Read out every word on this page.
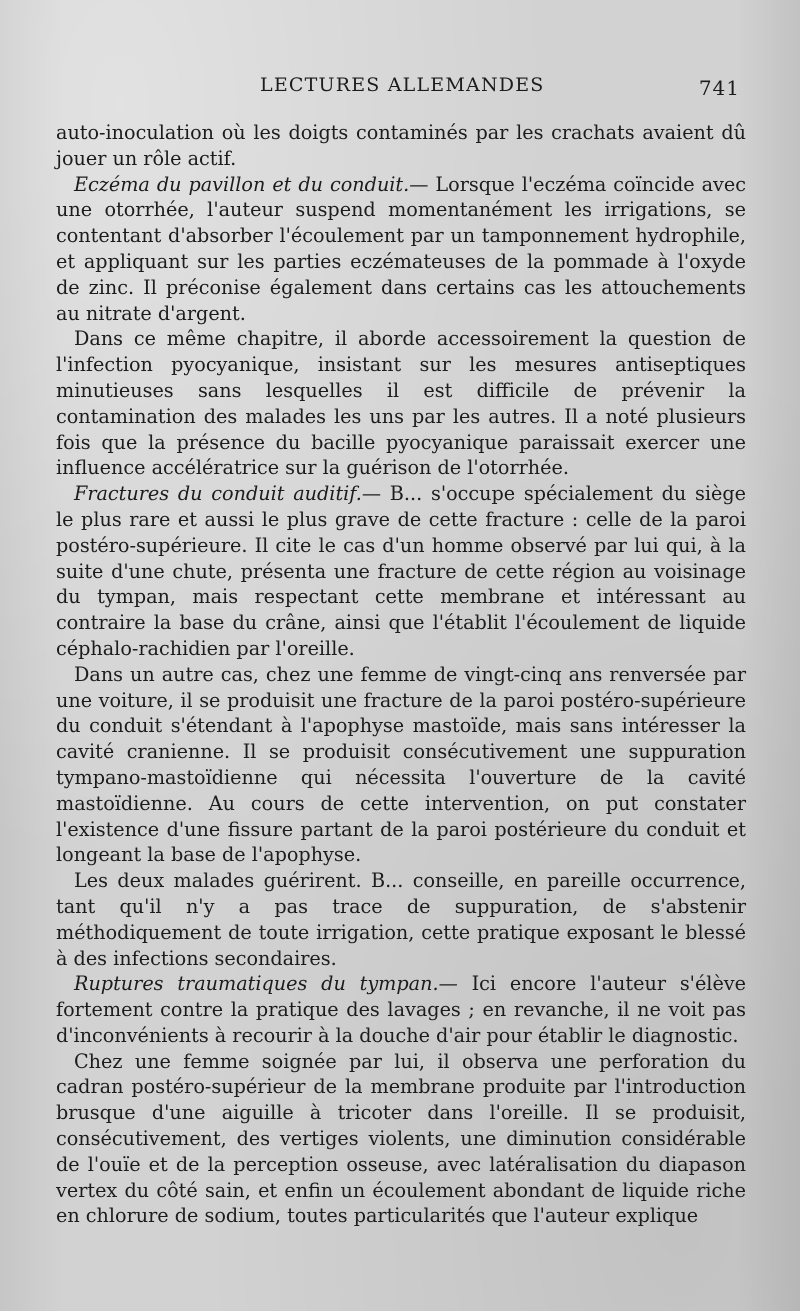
LECTURES ALLEMANDES	741

auto-inoculation où les doigts contaminés par les crachats avaient dû jouer un rôle actif.

Eczéma du pavillon et du conduit.— Lorsque l'eczéma coïncide avec une otorrhée, l'auteur suspend momentanément les irrigations, se contentant d'absorber l'écoulement par un tamponnement hydrophile, et appliquant sur les parties eczémateuses de la pommade à l'oxyde de zinc. Il préconise également dans certains cas les attouchements au nitrate d'argent.

Dans ce même chapitre, il aborde accessoirement la question de l'infection pyocyanique, insistant sur les mesures antiseptiques minutieuses sans lesquelles il est difficile de prévenir la contamination des malades les uns par les autres. Il a noté plusieurs fois que la présence du bacille pyocyanique paraissait exercer une influence accélératrice sur la guérison de l'otorrhée.

Fractures du conduit auditif.— B... s'occupe spécialement du siège le plus rare et aussi le plus grave de cette fracture : celle de la paroi postéro-supérieure. Il cite le cas d'un homme observé par lui qui, à la suite d'une chute, présenta une fracture de cette région au voisinage du tympan, mais respectant cette membrane et intéressant au contraire la base du crâne, ainsi que l'établit l'écoulement de liquide céphalo-rachidien par l'oreille.

Dans un autre cas, chez une femme de vingt-cinq ans renversée par une voiture, il se produisit une fracture de la paroi postéro-supérieure du conduit s'étendant à l'apophyse mastoïde, mais sans intéresser la cavité cranienne. Il se produisit consécutivement une suppuration tympano-mastoïdienne qui nécessita l'ouverture de la cavité mastoïdienne. Au cours de cette intervention, on put constater l'existence d'une fissure partant de la paroi postérieure du conduit et longeant la base de l'apophyse.

Les deux malades guérirent. B... conseille, en pareille occurrence, tant qu'il n'y a pas trace de suppuration, de s'abstenir méthodiquement de toute irrigation, cette pratique exposant le blessé à des infections secondaires.

Ruptures traumatiques du tympan.— Ici encore l'auteur s'élève fortement contre la pratique des lavages ; en revanche, il ne voit pas d'inconvénients à recourir à la douche d'air pour établir le diagnostic.

Chez une femme soignée par lui, il observa une perforation du cadran postéro-supérieur de la membrane produite par l'introduction brusque d'une aiguille à tricoter dans l'oreille. Il se produisit, consécutivement, des vertiges violents, une diminution considérable de l'ouïe et de la perception osseuse, avec latéralisation du diapason vertex du côté sain, et enfin un écoulement abondant de liquide riche en chlorure de sodium, toutes particularités que l'auteur explique
